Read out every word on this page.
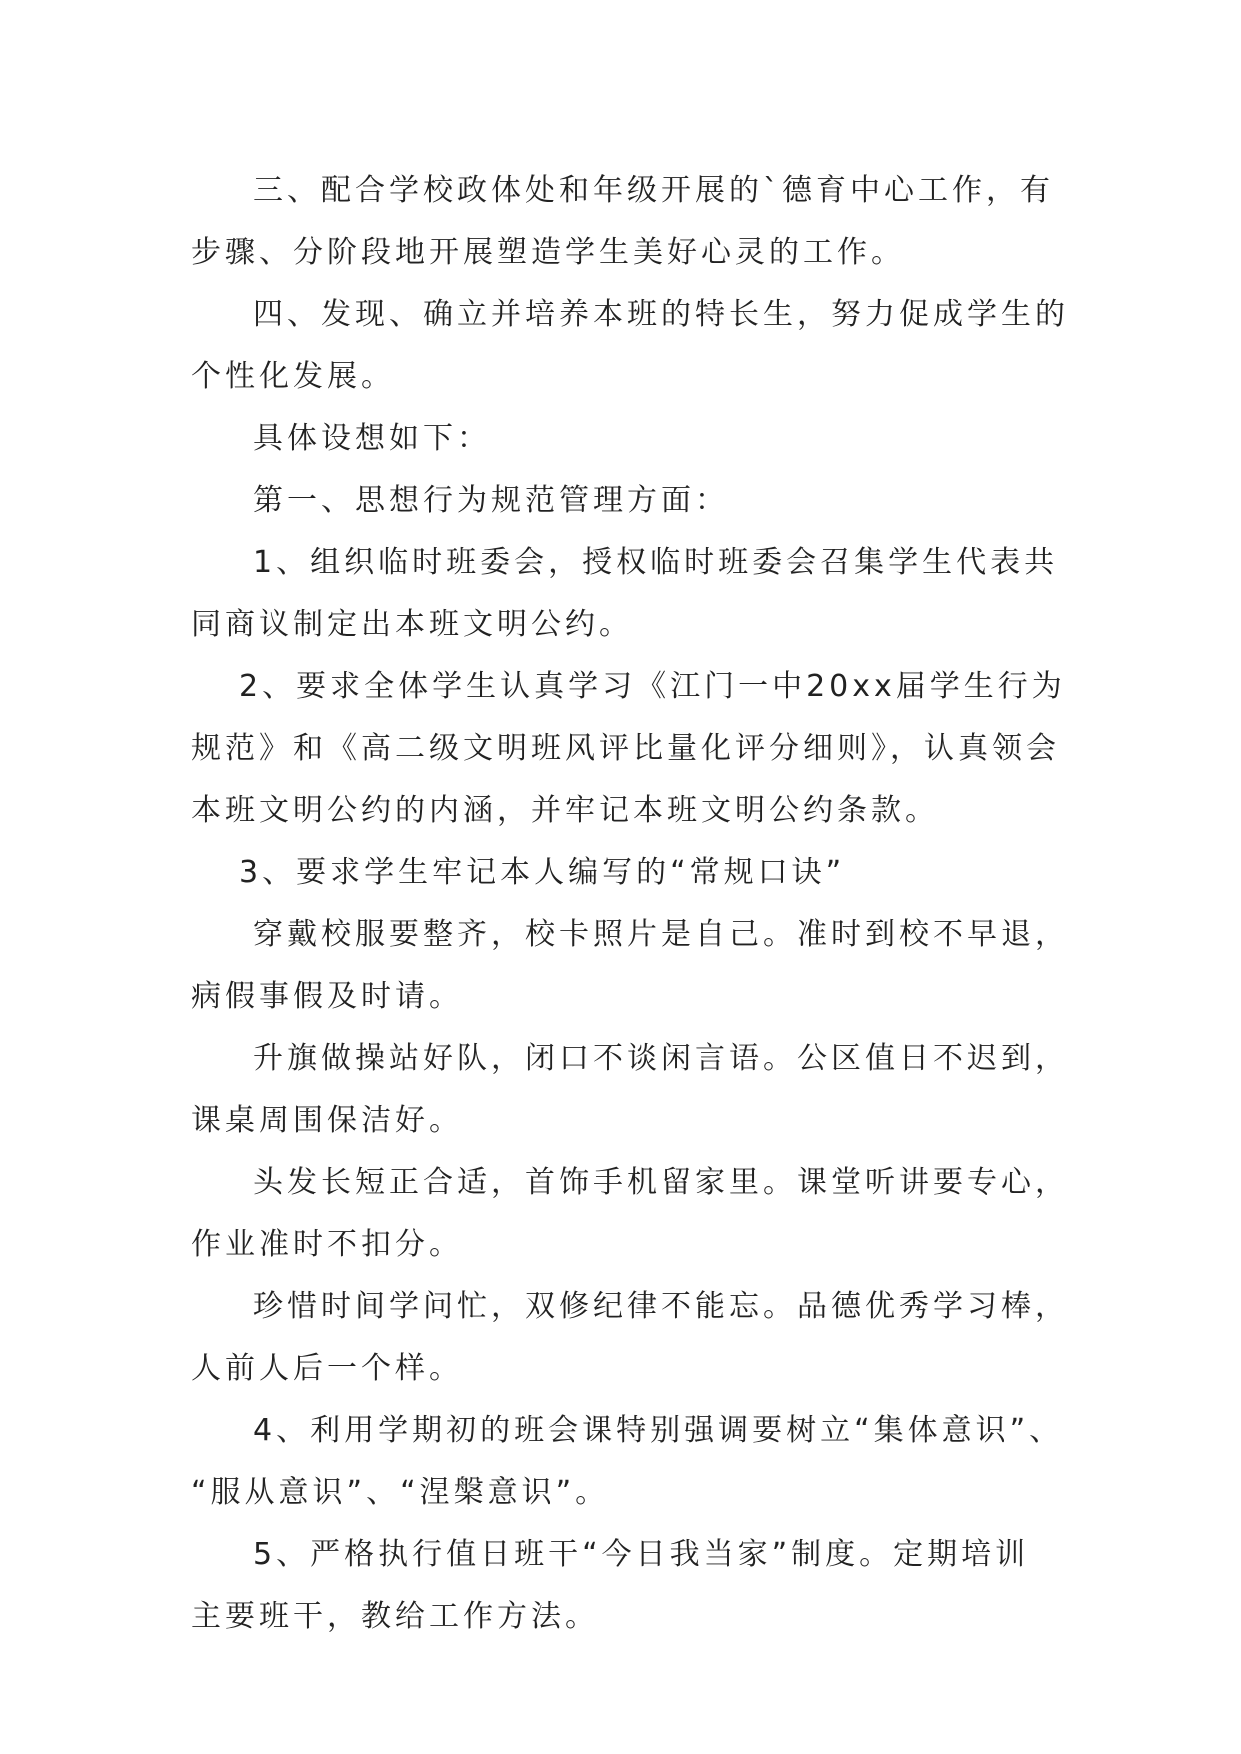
三、配合学校政体处和年级开展的`德育中心工作，有
步骤、分阶段地开展塑造学生美好心灵的工作。
四、发现、确立并培养本班的特长生，努力促成学生的
个性化发展。
具体设想如下：
第一、思想行为规范管理方面：
1、组织临时班委会，授权临时班委会召集学生代表共
同商议制定出本班文明公约。
2、要求全体学生认真学习《江门一中20xx届学生行为
规范》和《高二级文明班风评比量化评分细则》，认真领会
本班文明公约的内涵，并牢记本班文明公约条款。
3、要求学生牢记本人编写的“常规口诀”
穿戴校服要整齐，校卡照片是自己。准时到校不早退，
病假事假及时请。
升旗做操站好队，闭口不谈闲言语。公区值日不迟到，
课桌周围保洁好。
头发长短正合适，首饰手机留家里。课堂听讲要专心，
作业准时不扣分。
珍惜时间学问忙，双修纪律不能忘。品德优秀学习棒，
人前人后一个样。
4、利用学期初的班会课特别强调要树立“集体意识”、
“服从意识”、“涅槃意识”。
5、严格执行值日班干“今日我当家”制度。定期培训
主要班干，教给工作方法。
